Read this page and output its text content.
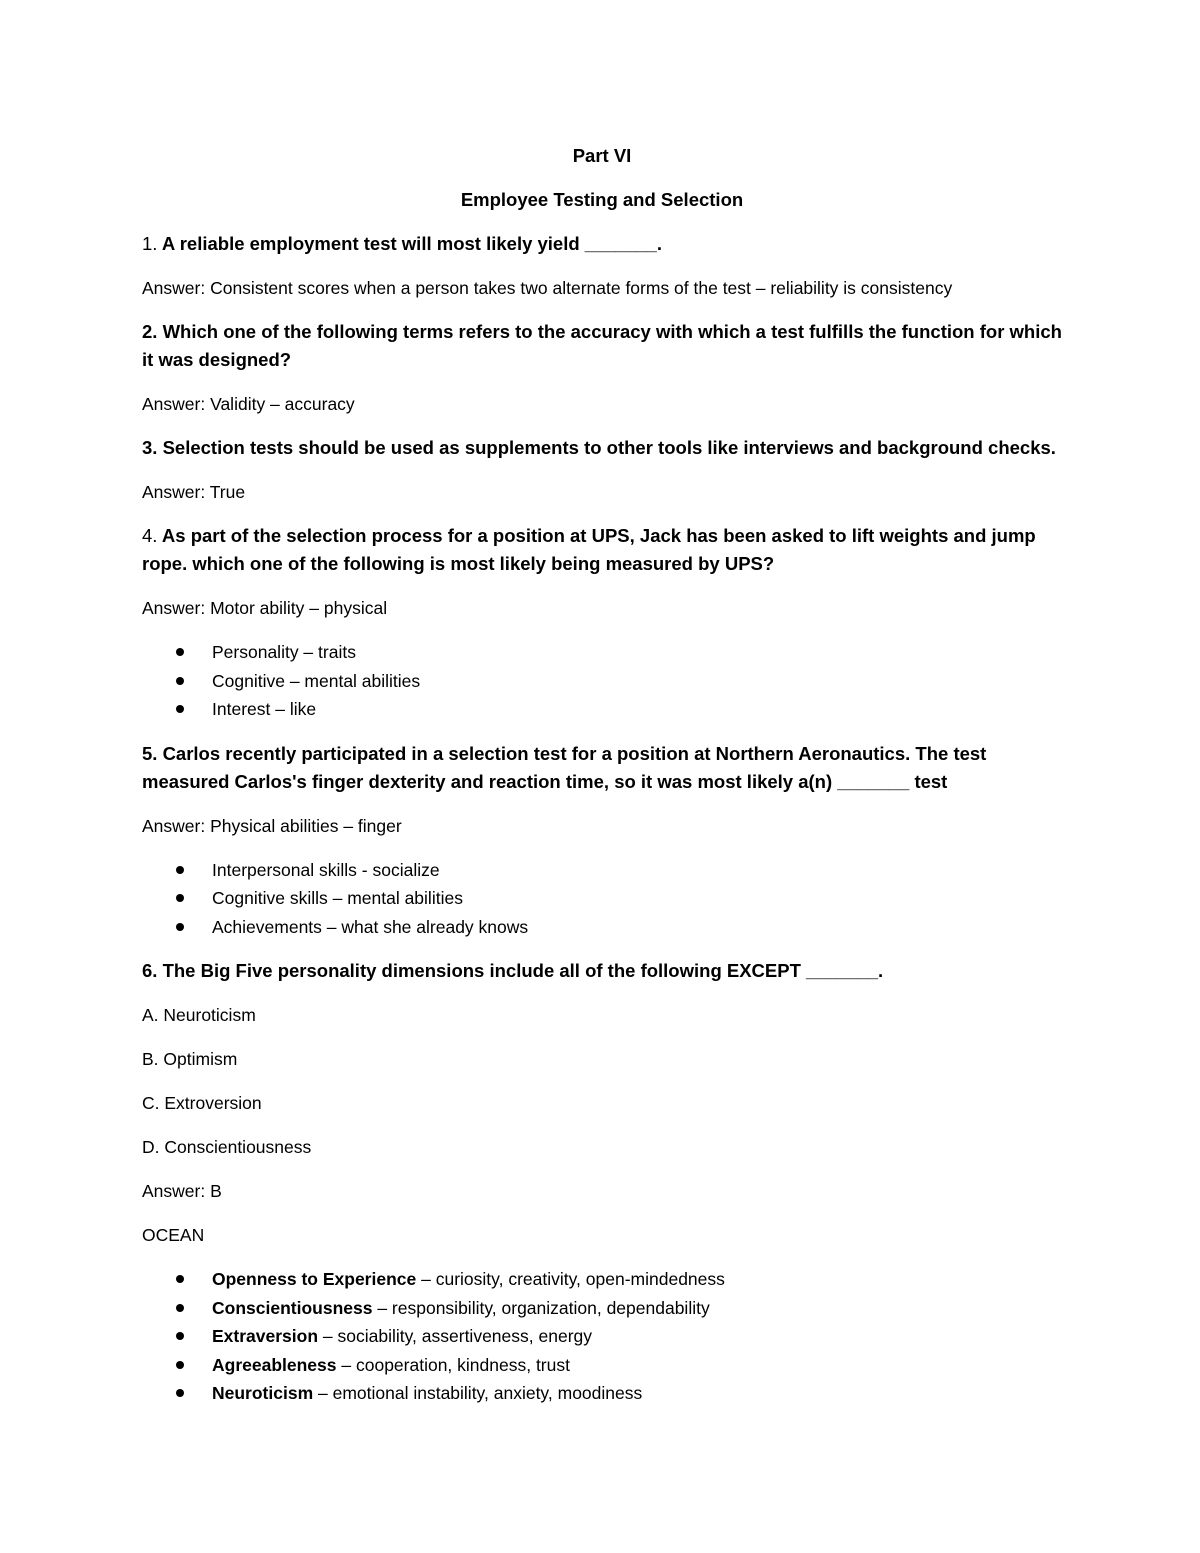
Part VI
Employee Testing and Selection
1. A reliable employment test will most likely yield _______.
Answer: Consistent scores when a person takes two alternate forms of the test – reliability is consistency
2. Which one of the following terms refers to the accuracy with which a test fulfills the function for which it was designed?
Answer: Validity – accuracy
3. Selection tests should be used as supplements to other tools like interviews and background checks.
Answer: True
4. As part of the selection process for a position at UPS, Jack has been asked to lift weights and jump rope. which one of the following is most likely being measured by UPS?
Answer: Motor ability – physical
Personality – traits
Cognitive – mental abilities
Interest – like
5. Carlos recently participated in a selection test for a position at Northern Aeronautics. The test measured Carlos's finger dexterity and reaction time, so it was most likely a(n) _______ test
Answer: Physical abilities – finger
Interpersonal skills - socialize
Cognitive skills – mental abilities
Achievements – what she already knows
6. The Big Five personality dimensions include all of the following EXCEPT _______.
A. Neuroticism
B. Optimism
C. Extroversion
D. Conscientiousness
Answer: B
OCEAN
Openness to Experience – curiosity, creativity, open-mindedness
Conscientiousness – responsibility, organization, dependability
Extraversion – sociability, assertiveness, energy
Agreeableness – cooperation, kindness, trust
Neuroticism – emotional instability, anxiety, moodiness
